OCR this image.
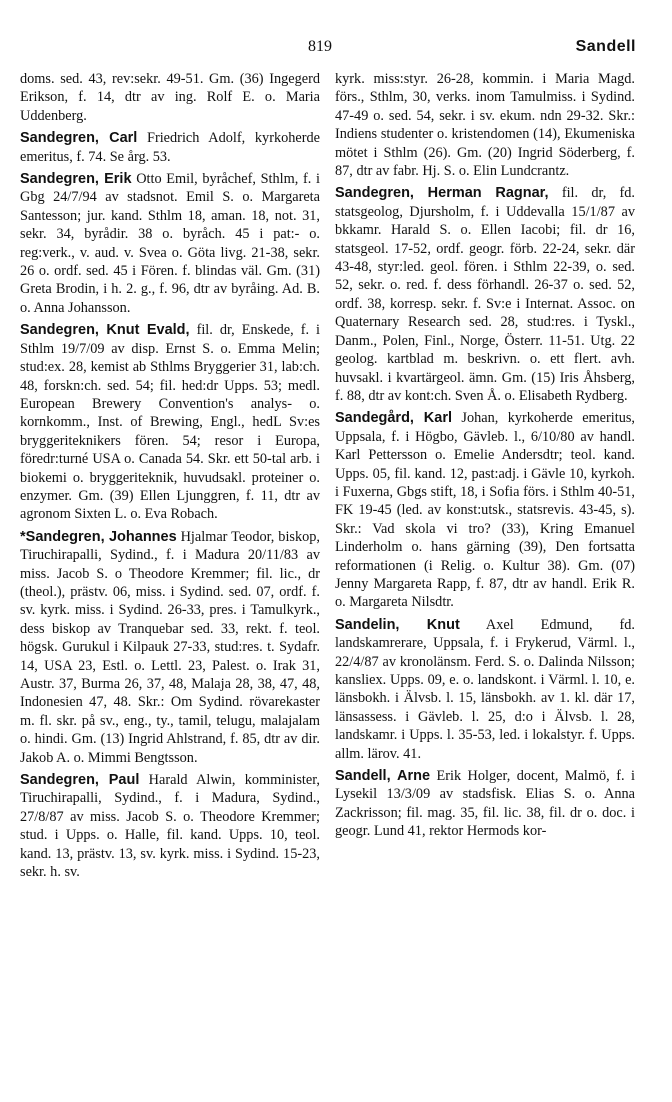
819	Sandell

doms. sed. 43, rev:sekr. 49-51. Gm. (36) Ingegerd Erikson, f. 14, dtr av ing. Rolf E. o. Maria Uddenberg.

Sandegren, Carl Friedrich Adolf, kyrkoherde emeritus, f. 74. Se årg. 53.

Sandegren, Erik Otto Emil, byråchef, Sthlm, f. i Gbg 24/7/94 av stadsnot. Emil S. o. Margareta Santesson; jur. kand. Sthlm 18, aman. 18, not. 31, sekr. 34, byrådir. 38 o. byråch. 45 i pat:- o. reg:verk., v. aud. v. Svea o. Göta livg. 21-38, sekr. 26 o. ordf. sed. 45 i Fören. f. blindas väl. Gm. (31) Greta Brodin, i h. 2. g., f. 96, dtr av byråing. Ad. B. o. Anna Johansson.

Sandegren, Knut Evald, fil. dr, Enskede, f. i Sthlm 19/7/09 av disp. Ernst S. o. Emma Melin; stud:ex. 28, kemist ab Sthlms Bryggerier 31, lab:ch. 48, forskn:ch. sed. 54; fil. hed:dr Upps. 53; medl. European Brewery Convention's analys- o. kornkomm., Inst. of Brewing, Engl., hedL Sv:es bryggeriteknikers fören. 54; resor i Europa, föredr:turné USA o. Canada 54. Skr. ett 50-tal arb. i biokemi o. bryggeriteknik, huvudsakl. proteiner o. enzymer. Gm. (39) Ellen Ljunggren, f. 11, dtr av agronom Sixten L. o. Eva Robach.

*Sandegren, Johannes Hjalmar Teodor, biskop, Tiruchirapalli, Sydind., f. i Madura 20/11/83 av miss. Jacob S. o Theodore Kremmer; fil. lic., dr (theol.), prästv. 06, miss. i Sydind. sed. 07, ordf. f. sv. kyrk. miss. i Sydind. 26-33, pres. i Tamulkyrk., dess biskop av Tranquebar sed. 33, rekt. f. teol. högsk. Gurukul i Kilpauk 27-33, stud:res. t. Sydafr. 14, USA 23, Estl. o. Lettl. 23, Palest. o. Irak 31, Austr. 37, Burma 26, 37, 48, Malaja 28, 38, 47, 48, Indonesien 47, 48. Skr.: Om Sydind. rövarekaster m. fl. skr. på sv., eng., ty., tamil, telugu, malajalam o. hindi. Gm. (13) Ingrid Ahlstrand, f. 85, dtr av dir. Jakob A. o. Mimmi Bengtsson.

Sandegren, Paul Harald Alwin, komminister, Tiruchirapalli, Sydind., f. i Madura, Sydind., 27/8/87 av miss. Jacob S. o. Theodore Kremmer; stud. i Upps. o. Halle, fil. kand. Upps. 10, teol. kand. 13, prästv. 13, sv. kyrk. miss. i Sydind. 15-23, sekr. h. sv.

kyrk. miss:styr. 26-28, kommin. i Maria Magd. förs., Sthlm, 30, verks. inom Tamulmiss. i Sydind. 47-49 o. sed. 54, sekr. i sv. ekum. ndn 29-32. Skr.: Indiens studenter o. kristendomen (14), Ekumeniska mötet i Sthlm (26). Gm. (20) Ingrid Söderberg, f. 87, dtr av fabr. Hj. S. o. Elin Lundcrantz.

Sandegren, Herman Ragnar, fil. dr, fd. statsgeolog, Djursholm, f. i Uddevalla 15/1/87 av bkkamr. Harald S. o. Ellen Iacobi; fil. dr 16, statsgeol. 17-52, ordf. geogr. förb. 22-24, sekr. där 43-48, styr:led. geol. fören. i Sthlm 22-39, o. sed. 52, sekr. o. red. f. dess förhandl. 26-37 o. sed. 52, ordf. 38, korresp. sekr. f. Sv:e i Internat. Assoc. on Quaternary Research sed. 28, stud:res. i Tyskl., Danm., Polen, Finl., Norge, Österr. 11-51. Utg. 22 geolog. kartblad m. beskrivn. o. ett flert. avh. huvsakl. i kvartärgeol. ämn. Gm. (15) Iris Åhsberg, f. 88, dtr av kont:ch. Sven Å. o. Elisabeth Rydberg.

Sandegård, Karl Johan, kyrkoherde emeritus, Uppsala, f. i Högbo, Gävleb. l., 6/10/80 av handl. Karl Pettersson o. Emelie Andersdtr; teol. kand. Upps. 05, fil. kand. 12, past:adj. i Gävle 10, kyrkoh. i Fuxerna, Gbgs stift, 18, i Sofia förs. i Sthlm 40-51, FK 19-45 (led. av konst:utsk., statsrevis. 43-45, s). Skr.: Vad skola vi tro? (33), Kring Emanuel Linderholm o. hans gärning (39), Den fortsatta reformationen (i Relig. o. Kultur 38). Gm. (07) Jenny Margareta Rapp, f. 87, dtr av handl. Erik R. o. Margareta Nilsdtr.

Sandelin, Knut Axel Edmund, fd. landskamrerare, Uppsala, f. i Frykerud, Värml. l., 22/4/87 av kronolänsm. Ferd. S. o. Dalinda Nilsson; kansliex. Upps. 09, e. o. landskont. i Värml. l. 10, e. länsbokh. i Älvsb. l. 15, länsbokh. av 1. kl. där 17, länsassess. i Gävleb. l. 25, d:o i Älvsb. l. 28, landskamr. i Upps. l. 35-53, led. i lokalstyr. f. Upps. allm. lärov. 41.

Sandell, Arne Erik Holger, docent, Malmö, f. i Lysekil 13/3/09 av stadsfisk. Elias S. o. Anna Zackrisson; fil. mag. 35, fil. lic. 38, fil. dr o. doc. i geogr. Lund 41, rektor Hermods kor-
